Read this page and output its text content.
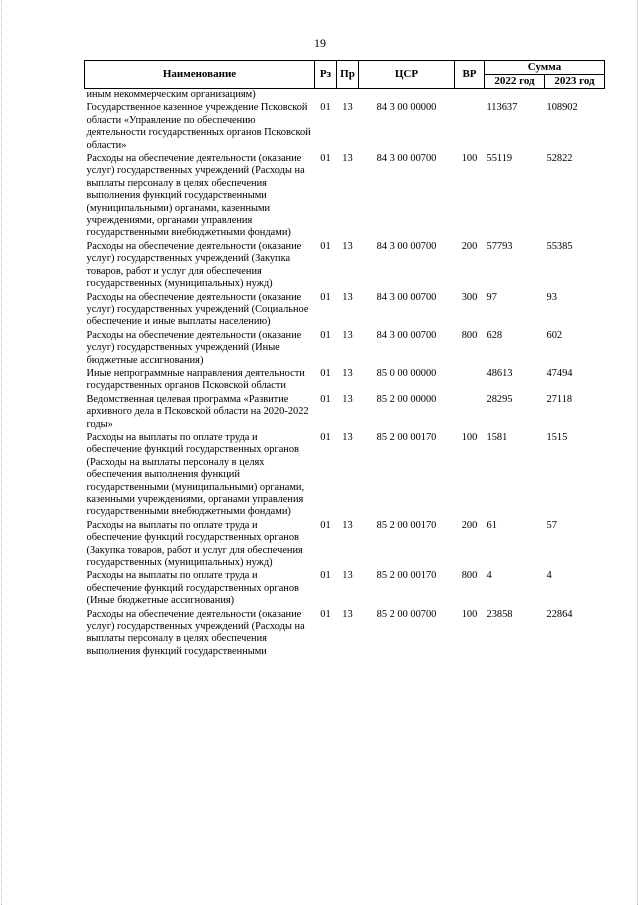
19
Наименование	Рз	Пр	ЦСР	ВР	Сумма	
					2022 год	2023 год
иным некоммерческим организациям)						
Государственное казенное учреждение Псковской области «Управление по обеспечению деятельности государственных органов Псковской области»	01	13	84 3 00 00000		113637	108902
Расходы на обеспечение деятельности (оказание услуг) государственных учреждений (Расходы на выплаты персоналу в целях обеспечения выполнения функций государственными (муниципальными) органами, казенными учреждениями, органами управления государственными внебюджетными фондами)	01	13	84 3 00 00700	100	55119	52822
Расходы на обеспечение деятельности (оказание услуг) государственных учреждений (Закупка товаров, работ и услуг для обеспечения государственных (муниципальных) нужд)	01	13	84 3 00 00700	200	57793	55385
Расходы на обеспечение деятельности (оказание услуг) государственных учреждений (Социальное обеспечение и иные выплаты населению)	01	13	84 3 00 00700	300	97	93
Расходы на обеспечение деятельности (оказание услуг) государственных учреждений (Иные бюджетные ассигнования)	01	13	84 3 00 00700	800	628	602
Иные непрограммные направления деятельности государственных органов Псковской области	01	13	85 0 00 00000		48613	47494
Ведомственная целевая программа «Развитие архивного дела в Псковской области на 2020-2022 годы»	01	13	85 2 00 00000		28295	27118
Расходы на выплаты по оплате труда и обеспечение функций государственных органов (Расходы на выплаты персоналу в целях обеспечения выполнения функций государственными (муниципальными) органами, казенными учреждениями, органами управления государственными внебюджетными фондами)	01	13	85 2 00 00170	100	1581	1515
Расходы на выплаты по оплате труда и обеспечение функций государственных органов (Закупка товаров, работ и услуг для обеспечения государственных (муниципальных) нужд)	01	13	85 2 00 00170	200	61	57
Расходы на выплаты по оплате труда и обеспечение функций государственных органов (Иные бюджетные ассигнования)	01	13	85 2 00 00170	800	4	4
Расходы на обеспечение деятельности (оказание услуг) государственных учреждений (Расходы на выплаты персоналу в целях обеспечения выполнения функций государственными	01	13	85 2 00 00700	100	23858	22864
